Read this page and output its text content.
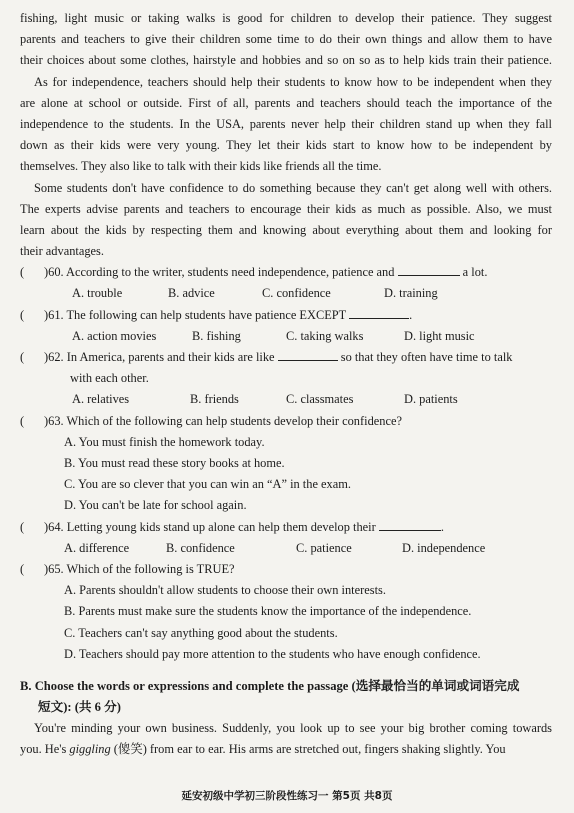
fishing, light music or taking walks is good for children to develop their patience. They suggest
parents and teachers to give their children some time to do their own things and allow them to have
their choices about some clothes, hairstyle and hobbies and so on so as to help kids train their patience.
As for independence, teachers should help their students to know how to be independent when they
are alone at school or outside. First of all, parents and teachers should teach the importance of the
independence to the students. In the USA, parents never help their children stand up when they fall
down as their kids were very young. They let their kids start to know how to be independent by
themselves. They also like to talk with their kids like friends all the time.
Some students don't have confidence to do something because they can't get along well with others.
The experts advise parents and teachers to encourage their kids as much as possible. Also, we must
learn about the kids by respecting them and knowing about everything about them and looking for
their advantages.
( )60. According to the writer, students need independence, patience and	a lot.
A. trouble	B. advice	C. confidence	D. training
( )61. The following can help students have patience EXCEPT	.
A. action movies	B. fishing	C. taking walks	D. light music
( )62. In America, parents and their kids are like	so that they often have time to talk
with each other.
A. relatives	B. friends	C. classmates	D. patients
( )63. Which of the following can help students develop their confidence?
A. You must finish the homework today.
B. You must read these story books at home.
C. You are so clever that you can win an “A” in the exam.
D. You can't be late for school again.
( )64. Letting young kids stand up alone can help them develop their	.
A. difference	B. confidence	C. patience	D. independence
( )65. Which of the following is TRUE?
A. Parents shouldn't allow students to choose their own interests.
B. Parents must make sure the students know the importance of the independence.
C. Teachers can't say anything good about the students.
D. Teachers should pay more attention to the students who have enough confidence.
B. Choose the words or expressions and complete the passage (选择最恰当的单词或词语完成
短文): (共 6 分)
You're minding your own business. Suddenly, you look up to see your big brother coming towards
you. He's giggling (傻笑) from ear to ear. His arms are stretched out, fingers shaking slightly. You
延安初级中学初三阶段性练习一 第5页 共8页
